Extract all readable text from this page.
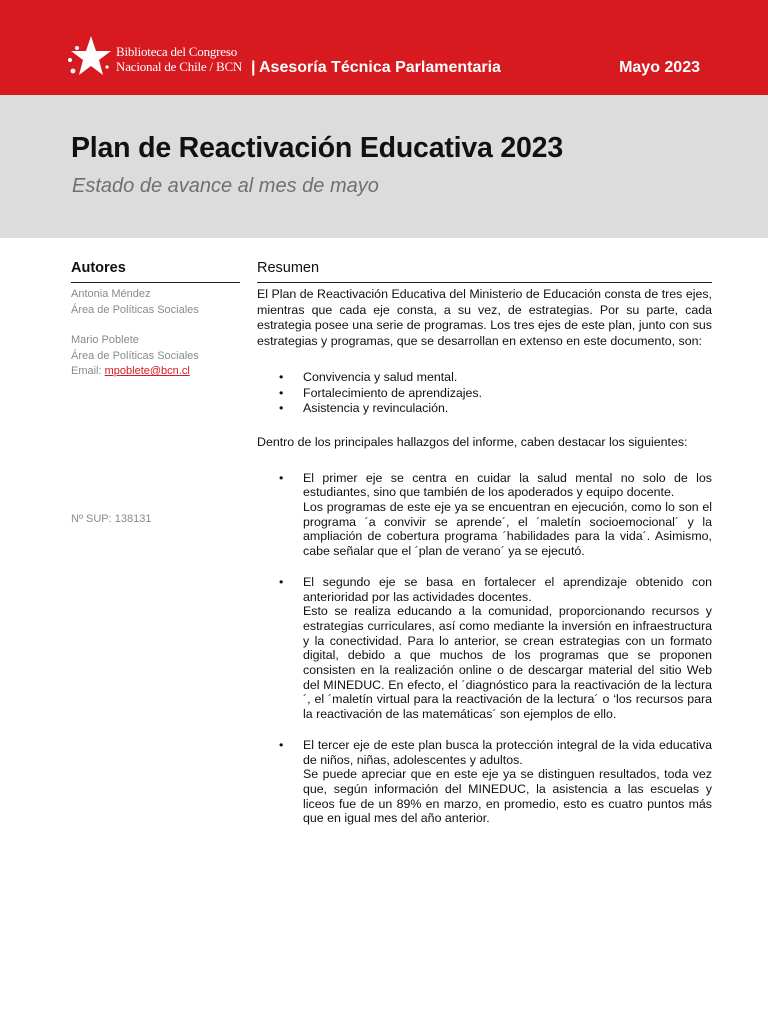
Biblioteca del Congreso
Nacional de Chile / BCN | Asesoría Técnica Parlamentaria	Mayo 2023
Plan de Reactivación Educativa 2023
Estado de avance al mes de mayo
Autores
Antonia Méndez
Área de Políticas Sociales
Mario Poblete
Área de Políticas Sociales
Email: mpoblete@bcn.cl
Nº SUP: 138131
Resumen

El Plan de Reactivación Educativa del Ministerio de Educación consta de tres ejes, mientras que cada eje consta, a su vez, de estrategias. Por su parte, cada estrategia posee una serie de programas. Los tres ejes de este plan, junto con sus estrategias y programas, que se desarrollan en extenso en este documento, son:

• Convivencia y salud mental.
• Fortalecimiento de aprendizajes.
• Asistencia y revinculación.

Dentro de los principales hallazgos del informe, caben destacar los siguientes:

• El primer eje se centra en cuidar la salud mental no solo de los estudiantes, sino que también de los apoderados y equipo docente.
Los programas de este eje ya se encuentran en ejecución, como lo son el programa ´a convivir se aprende´, el ´maletín socioemocional´ y la ampliación de cobertura programa ´habilidades para la vida´. Asimismo, cabe señalar que el ´plan de verano´ ya se ejecutó.
• El segundo eje se basa en fortalecer el aprendizaje obtenido con anterioridad por las actividades docentes.
Esto se realiza educando a la comunidad, proporcionando recursos y estrategias curriculares, así como mediante la inversión en infraestructura y la conectividad. Para lo anterior, se crean estrategias con un formato digital, debido a que muchos de los programas que se proponen consisten en la realización online o de descargar material del sitio Web del MINEDUC. En efecto, el ´diagnóstico para la reactivación de la lectura´, el ´maletín virtual para la reactivación de la lectura´ o ‘los recursos para la reactivación de las matemáticas´ son ejemplos de ello.
• El tercer eje de este plan busca la protección integral de la vida educativa de niños, niñas, adolescentes y adultos.
Se puede apreciar que en este eje ya se distinguen resultados, toda vez que, según información del MINEDUC, la asistencia a las escuelas y liceos fue de un 89% en marzo, en promedio, esto es cuatro puntos más que en igual mes del año anterior.
